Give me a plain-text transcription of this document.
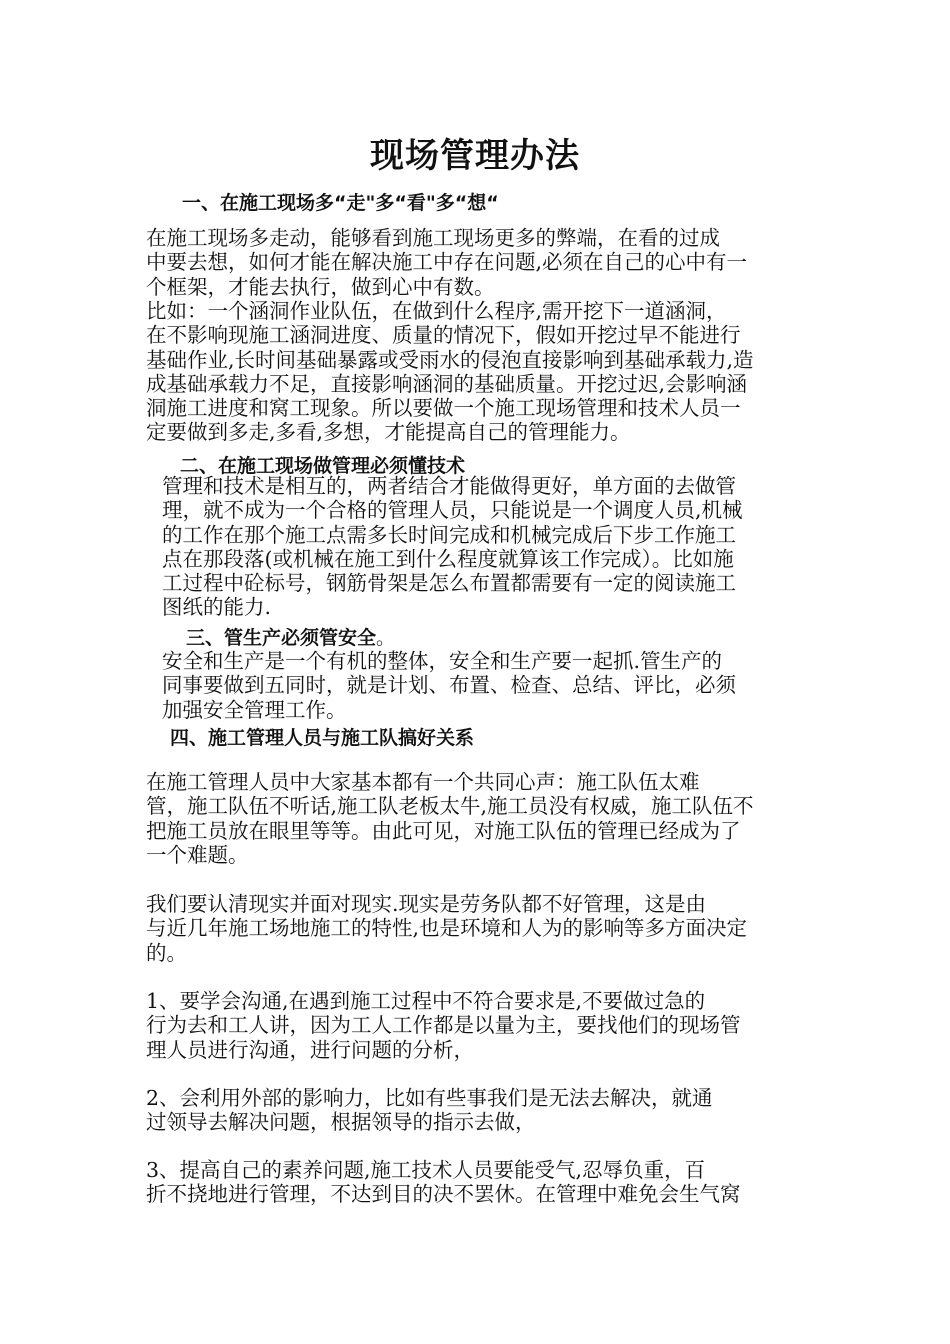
现场管理办法
一、在施工现场多“走"多“看"多“想“
在施工现场多走动，能够看到施工现场更多的弊端，在看的过成
中要去想，如何才能在解决施工中存在问题,必须在自己的心中有一
个框架，才能去执行，做到心中有数。
比如：一个涵洞作业队伍，在做到什么程序,需开挖下一道涵洞，
在不影响现施工涵洞进度、质量的情况下，假如开挖过早不能进行
基础作业,长时间基础暴露或受雨水的侵泡直接影响到基础承载力,造
成基础承载力不足，直接影响涵洞的基础质量。开挖过迟,会影响涵
洞施工进度和窝工现象。所以要做一个施工现场管理和技术人员一
定要做到多走,多看,多想，才能提高自己的管理能力。
二、在施工现场做管理必须懂技术
管理和技术是相互的，两者结合才能做得更好，单方面的去做管
理，就不成为一个合格的管理人员，只能说是一个调度人员,机械
的工作在那个施工点需多长时间完成和机械完成后下步工作施工
点在那段落(或机械在施工到什么程度就算该工作完成）。比如施
工过程中砼标号，钢筋骨架是怎么布置都需要有一定的阅读施工
图纸的能力.
三、管生产必须管安全。
安全和生产是一个有机的整体，安全和生产要一起抓.管生产的
同事要做到五同时，就是计划、布置、检查、总结、评比，必须
加强安全管理工作。
四、施工管理人员与施工队搞好关系
在施工管理人员中大家基本都有一个共同心声：施工队伍太难
管，施工队伍不听话,施工队老板太牛,施工员没有权威，施工队伍不
把施工员放在眼里等等。由此可见，对施工队伍的管理已经成为了
一个难题。
我们要认清现实并面对现实.现实是劳务队都不好管理，这是由
与近几年施工场地施工的特性,也是环境和人为的影响等多方面决定
的。
1、要学会沟通,在遇到施工过程中不符合要求是,不要做过急的
行为去和工人讲，因为工人工作都是以量为主，要找他们的现场管
理人员进行沟通，进行问题的分析，
2、会利用外部的影响力，比如有些事我们是无法去解决，就通
过领导去解决问题，根据领导的指示去做，
3、提高自己的素养问题,施工技术人员要能受气,忍辱负重，百
折不挠地进行管理，不达到目的决不罢休。在管理中难免会生气窝
